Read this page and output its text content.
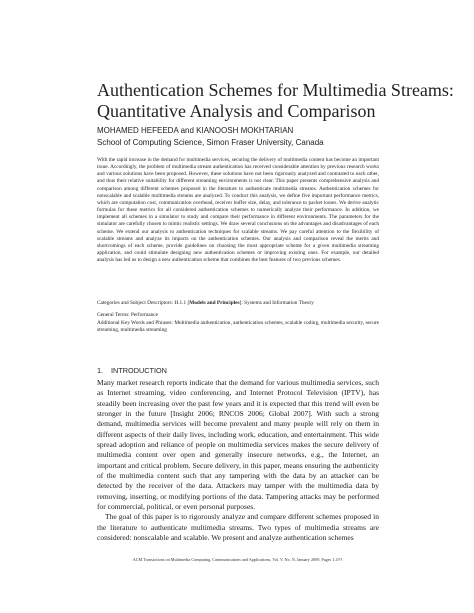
Authentication Schemes for Multimedia Streams:
Quantitative Analysis and Comparison
MOHAMED HEFEEDA and KIANOOSH MOKHTARIAN
School of Computing Science, Simon Fraser University, Canada
With the rapid increase in the demand for multimedia services, securing the delivery of multimedia content has become an important issue. Accordingly, the problem of multimedia stream authentication has received considerable attention by previous research works and various solutions have been proposed. However, these solutions have not been rigorously analyzed and contrasted to each other, and thus their relative suitability for different streaming environments is not clear. This paper presents comprehensive analysis and comparison among different schemes proposed in the literature to authenticate multimedia streams. Authentication schemes for nonscalable and scalable multimedia streams are analyzed. To conduct this analysis, we define five important performance metrics, which are computation cost, communication overhead, receiver buffer size, delay, and tolerance to packet losses. We derive analytic formulas for these metrics for all considered authentication schemes to numerically analyze their performance. In addition, we implement all schemes in a simulator to study and compare their performance in different environments. The parameters for the simulator are carefully chosen to mimic realistic settings. We draw several conclusions on the advantages and disadvantages of each scheme. We extend our analysis to authentication techniques for scalable streams. We pay careful attention to the flexibility of scalable streams and analyze its impacts on the authentication schemes. Our analysis and comparison reveal the merits and shortcomings of each scheme, provide guidelines on choosing the most appropriate scheme for a given multimedia streaming application, and could stimulate designing new authentication schemes or improving existing ones. For example, our detailed analysis has led us to design a new authentication scheme that combines the best features of two previous schemes.
Categories and Subject Descriptors: H.1.1 [Models and Principles]: Systems and Information Theory
General Terms: Performance
Additional Key Words and Phrases: Multimedia authentication, authentication schemes, scalable coding, multimedia security, secure streaming, multimedia streaming
1. INTRODUCTION

Many market research reports indicate that the demand for various multimedia services, such as Internet streaming, video conferencing, and Internet Protocol Television (IPTV), has steadily been increasing over the past few years and it is expected that this trend will even be stronger in the future [Insight 2006; RNCOS 2006; Global 2007]. With such a strong demand, multimedia services will become prevalent and many people will rely on them in different aspects of their daily lives, including work, education, and entertainment. This wide spread adoption and reliance of people on multimedia services makes the secure delivery of multimedia content over open and generally insecure networks, e.g., the Internet, an important and critical problem. Secure delivery, in this paper, means ensuring the authenticity of the multimedia content such that any tampering with the data by an attacker can be detected by the receiver of the data. Attackers may tamper with the multimedia data by removing, inserting, or modifying portions of the data. Tampering attacks may be performed for commercial, political, or even personal purposes.

The goal of this paper is to rigorously analyze and compare different schemes proposed in the literature to authenticate multimedia streams. Two types of multimedia streams are considered: nonscalable and scalable. We present and analyze authentication schemes

ACM Transactions on Multimedia Computing, Communications and Applications, Vol. V, No. N, January 2009, Pages 1–0??.
